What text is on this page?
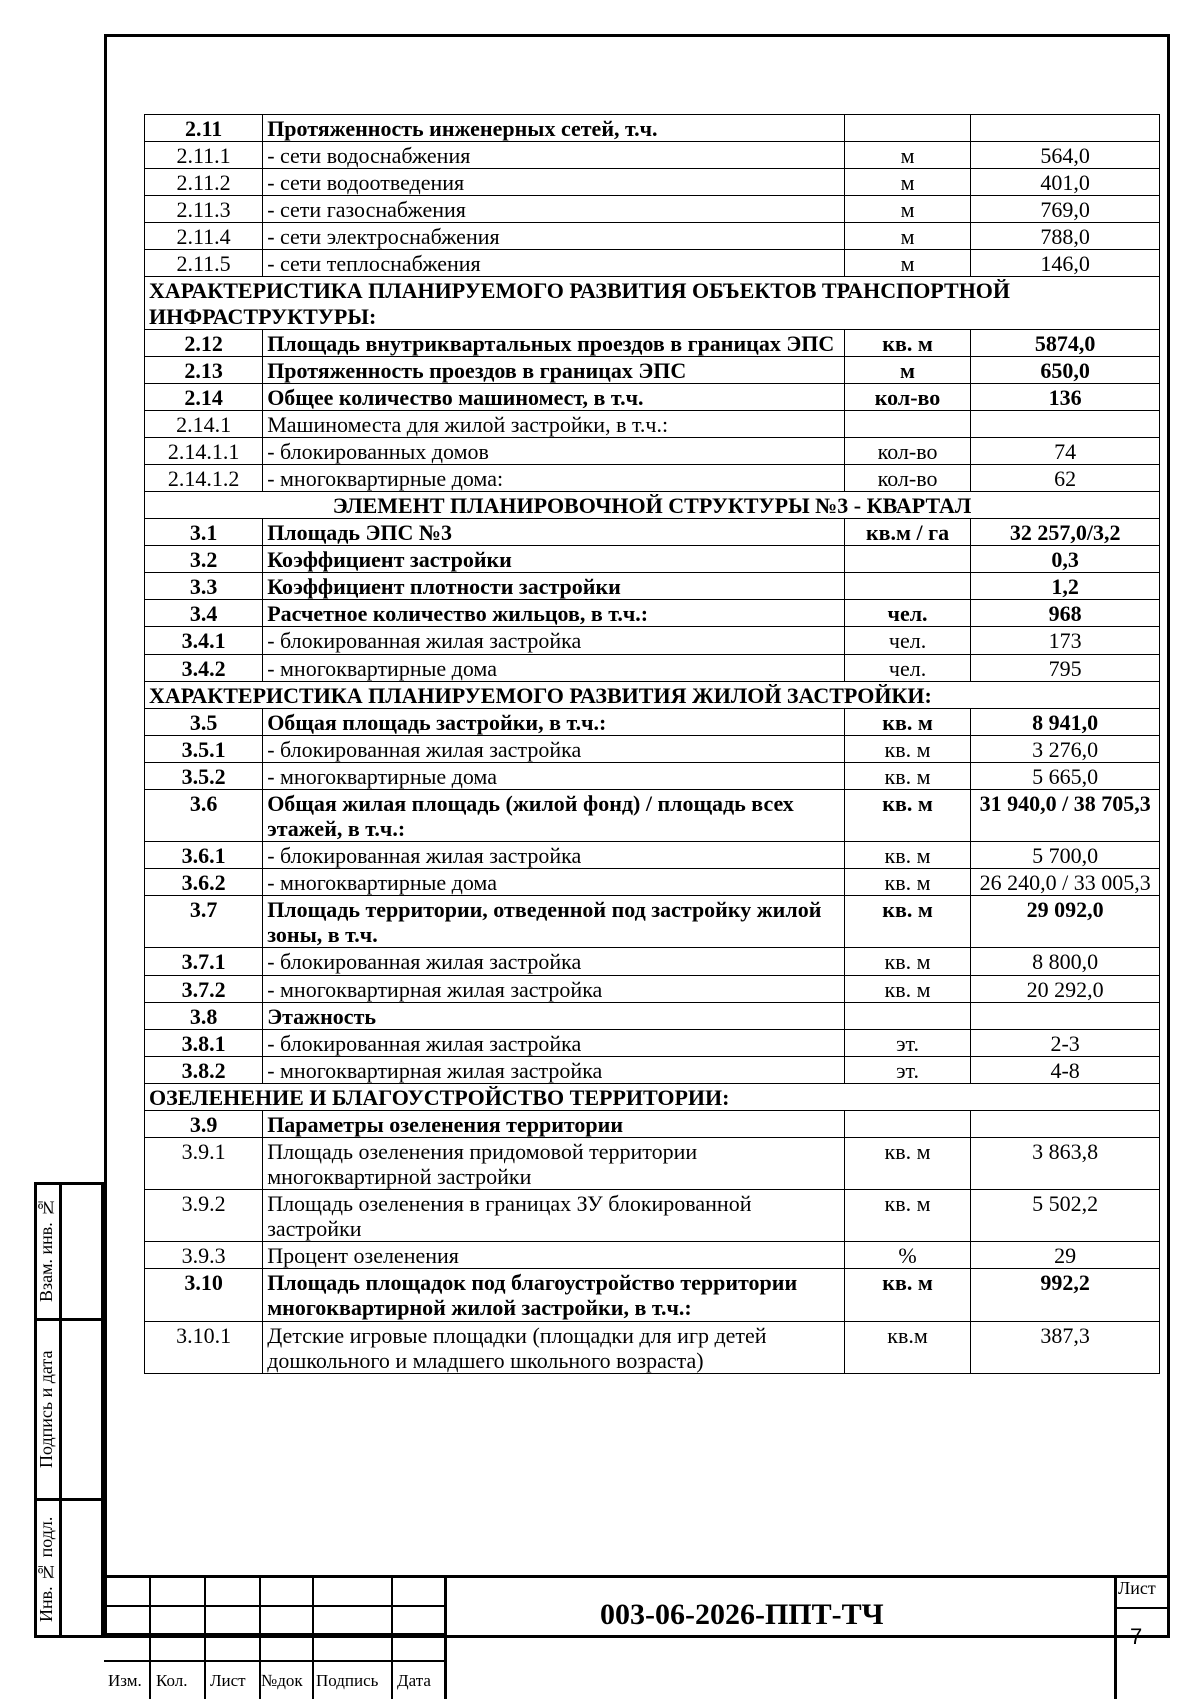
2.11	Протяженность инженерных сетей, т.ч.		
2.11.1	- сети водоснабжения	м	564,0
2.11.2	- сети водоотведения	м	401,0
2.11.3	- сети газоснабжения	м	769,0
2.11.4	- сети электроснабжения	м	788,0
2.11.5	- сети теплоснабжения	м	146,0
ХАРАКТЕРИСТИКА ПЛАНИРУЕМОГО РАЗВИТИЯ ОБЪЕКТОВ ТРАНСПОРТНОЙ ИНФРАСТРУКТУРЫ:			
2.12	Площадь внутриквартальных проездов в границах ЭПС	кв. м	5874,0
2.13	Протяженность проездов в границах ЭПС	м	650,0
2.14	Общее количество машиномест, в т.ч.	кол-во	136
2.14.1	Машиноместа для жилой застройки, в т.ч.:		
2.14.1.1	- блокированных домов	кол-во	74
2.14.1.2	- многоквартирные дома:	кол-во	62
ЭЛЕМЕНТ ПЛАНИРОВОЧНОЙ СТРУКТУРЫ №3 - КВАРТАЛ			
3.1	Площадь ЭПС №3	кв.м / га	32 257,0/3,2
3.2	Коэффициент застройки		0,3
3.3	Коэффициент плотности застройки		1,2
3.4	Расчетное количество жильцов, в т.ч.:	чел.	968
3.4.1	- блокированная жилая застройка	чел.	173
3.4.2	- многоквартирные дома	чел.	795
ХАРАКТЕРИСТИКА ПЛАНИРУЕМОГО РАЗВИТИЯ ЖИЛОЙ ЗАСТРОЙКИ:			
3.5	Общая площадь застройки, в т.ч.:	кв. м	8 941,0
3.5.1	- блокированная жилая застройка	кв. м	3 276,0
3.5.2	- многоквартирные дома	кв. м	5 665,0
3.6	Общая жилая площадь (жилой фонд) / площадь всех этажей, в т.ч.:	кв. м	31 940,0 / 38 705,3
3.6.1	- блокированная жилая застройка	кв. м	5 700,0
3.6.2	- многоквартирные дома	кв. м	26 240,0 / 33 005,3
3.7	Площадь территории, отведенной под застройку жилой зоны, в т.ч.	кв. м	29 092,0
3.7.1	- блокированная жилая застройка	кв. м	8 800,0
3.7.2	- многоквартирная жилая застройка	кв. м	20 292,0
3.8	Этажность		
3.8.1	- блокированная жилая застройка	эт.	2-3
3.8.2	- многоквартирная жилая застройка	эт.	4-8
ОЗЕЛЕНЕНИЕ И БЛАГОУСТРОЙСТВО ТЕРРИТОРИИ:			
3.9	Параметры озеленения территории		
3.9.1	Площадь озеленения придомовой территории многоквартирной застройки	кв. м	3 863,8
3.9.2	Площадь озеленения в границах ЗУ блокированной застройки	кв. м	5 502,2
3.9.3	Процент озеленения	%	29
3.10	Площадь площадок под благоустройство территории многоквартирной жилой застройки, в т.ч.:	кв. м	992,2
3.10.1	Детские игровые площадки (площадки для игр детей дошкольного и младшего школьного возраста)	кв.м	387,3
Взам. инв. №
Подпись и дата
Инв. № подл.
Изм. Кол. Лист №док Подпись Дата
003-06-2026-ППТ-ТЧ
Лист
7
